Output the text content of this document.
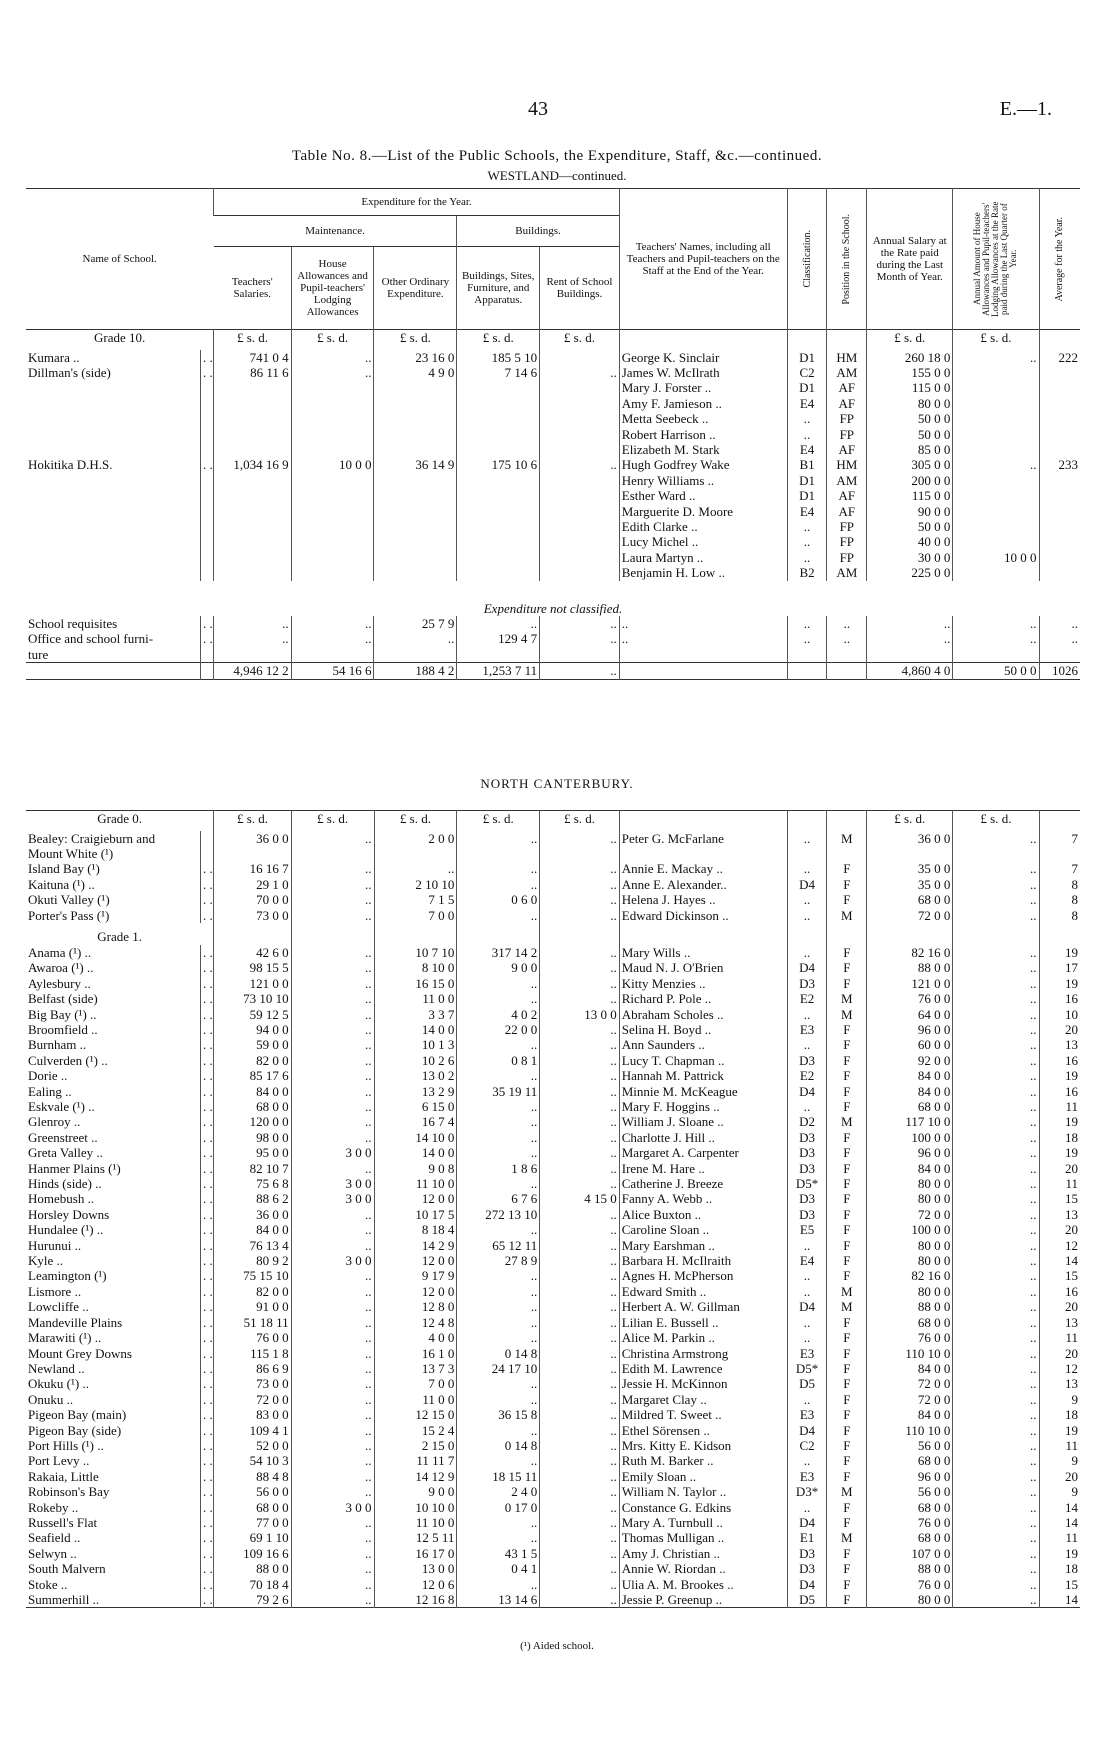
43	E.—1.
Table No. 8.—List of the Public Schools, the Expenditure, Staff, &c.—continued.
WESTLAND—continued.
Name of School.		Expenditure for the Year.					Teachers' Names, including all Teachers and Pupil-teachers on the Staff at the End of the Year.	Classification.	Position in the School.	Annual Salary at the Rate paid during the Last Month of Year.	Annual Amount of House Allowances and Pupil-teachers' Lodging Allowances at the Rate paid during the Last Quarter of Year.	Average for the Year.

		Maintenance.			Buildings.							
		Teachers' Salaries.	House Allowances and Pupil-teachers' Lodging Allowances	Other Ordinary Expenditure.	Buildings, Sites, Furniture, and Apparatus.	Rent of School Buildings.						
Grade 10.		£ s. d.	£ s. d.	£ s. d.	£ s. d.	£ s. d.				£ s. d.	£ s. d.	
Kumara ..	. .	741 0 4	..	23 16 0	185 5 10		George K. Sinclair	D1	HM	260 18 0	..	222
Dillman's (side)	. .	86 11 6	..	4 9 0	7 14 6	..	James W. McIlrath	C2	AM	155 0 0		
							Mary J. Forster ..	D1	AF	115 0 0		
							Amy F. Jamieson ..	E4	AF	80 0 0		
							Metta Seebeck ..	..	FP	50 0 0		
							Robert Harrison ..	..	FP	50 0 0		
							Elizabeth M. Stark	E4	AF	85 0 0		
Hokitika D.H.S.	. .	1,034 16 9	10 0 0	36 14 9	175 10 6	..	Hugh Godfrey Wake	B1	HM	305 0 0	..	233
							Henry Williams ..	D1	AM	200 0 0		
							Esther Ward ..	D1	AF	115 0 0		
							Marguerite D. Moore	E4	AF	90 0 0		
							Edith Clarke ..	..	FP	50 0 0		
							Lucy Michel ..	..	FP	40 0 0		
							Laura Martyn ..	..	FP	30 0 0	10 0 0	
							Benjamin H. Low ..	B2	AM	225 0 0		
Expenditure not classified.												
School requisites	. .	..	..	25 7 9	..	..	..	..	..	..	..	..
Office and school furni-	. .	..	..	..	129 4 7	..	..	..	..	..	..	..
ture												
		4,946 12 2	54 16 6	188 4 2	1,253 7 11	..				4,860 4 0	50 0 0	1026
NORTH CANTERBURY.
Grade 0.		£ s. d.	£ s. d.	£ s. d.	£ s. d.	£ s. d.				£ s. d.	£ s. d.	
Bealey: Craigieburn and		36 0 0	..	2 0 0	..	..	Peter G. McFarlane	..	M	36 0 0	..	7
Mount White (¹)												
Island Bay (¹)	. .	16 16 7	..	..	..	..	Annie E. Mackay ..	..	F	35 0 0	..	7
Kaituna (¹) ..	. .	29 1 0	..	2 10 10	..	..	Anne E. Alexander..	D4	F	35 0 0	..	8
Okuti Valley (¹)	. .	70 0 0	..	7 1 5	0 6 0	..	Helena J. Hayes ..	..	F	68 0 0	..	8
Porter's Pass (¹)	. .	73 0 0	..	7 0 0	..	..	Edward Dickinson ..	..	M	72 0 0	..	8
Grade 1.												
Anama (¹) ..	. .	42 6 0	..	10 7 10	317 14 2	..	Mary Wills ..	..	F	82 16 0	..	19
Awaroa (¹) ..	. .	98 15 5	..	8 10 0	9 0 0	..	Maud N. J. O'Brien	D4	F	88 0 0	..	17
Aylesbury ..	. .	121 0 0	..	16 15 0	..	..	Kitty Menzies ..	D3	F	121 0 0	..	19
Belfast (side)	. .	73 10 10	..	11 0 0	..	..	Richard P. Pole ..	E2	M	76 0 0	..	16
Big Bay (¹) ..	. .	59 12 5	..	3 3 7	4 0 2	13 0 0	Abraham Scholes ..	..	M	64 0 0	..	10
Broomfield ..	. .	94 0 0	..	14 0 0	22 0 0	..	Selina H. Boyd ..	E3	F	96 0 0	..	20
Burnham ..	. .	59 0 0	..	10 1 3	..	..	Ann Saunders ..	..	F	60 0 0	..	13
Culverden (¹) ..	. .	82 0 0	..	10 2 6	0 8 1	..	Lucy T. Chapman ..	D3	F	92 0 0	..	16
Dorie ..	. .	85 17 6	..	13 0 2	..	..	Hannah M. Pattrick	E2	F	84 0 0	..	19
Ealing ..	. .	84 0 0	..	13 2 9	35 19 11	..	Minnie M. McKeague	D4	F	84 0 0	..	16
Eskvale (¹) ..	. .	68 0 0	..	6 15 0	..	..	Mary F. Hoggins ..	..	F	68 0 0	..	11
Glenroy ..	. .	120 0 0	..	16 7 4	..	..	William J. Sloane ..	D2	M	117 10 0	..	19
Greenstreet ..	. .	98 0 0	..	14 10 0	..	..	Charlotte J. Hill ..	D3	F	100 0 0	..	18
Greta Valley ..	. .	95 0 0	3 0 0	14 0 0	..	..	Margaret A. Carpenter	D3	F	96 0 0	..	19
Hanmer Plains (¹)	. .	82 10 7	..	9 0 8	1 8 6	..	Irene M. Hare ..	D3	F	84 0 0	..	20
Hinds (side) ..	. .	75 6 8	3 0 0	11 10 0	..	..	Catherine J. Breeze	D5*	F	80 0 0	..	11
Homebush ..	. .	88 6 2	3 0 0	12 0 0	6 7 6	4 15 0	Fanny A. Webb ..	D3	F	80 0 0	..	15
Horsley Downs	. .	36 0 0	..	10 17 5	272 13 10	..	Alice Buxton ..	D3	F	72 0 0	..	13
Hundalee (¹) ..	. .	84 0 0	..	8 18 4	..	..	Caroline Sloan ..	E5	F	100 0 0	..	20
Hurunui ..	. .	76 13 4	..	14 2 9	65 12 11	..	Mary Earshman ..	..	F	80 0 0	..	12
Kyle ..	. .	80 9 2	3 0 0	12 0 0	27 8 9	..	Barbara H. McIlraith	E4	F	80 0 0	..	14
Leamington (¹)	. .	75 15 10	..	9 17 9	..	..	Agnes H. McPherson	..	F	82 16 0	..	15
Lismore ..	. .	82 0 0	..	12 0 0	..	..	Edward Smith ..	..	M	80 0 0	..	16
Lowcliffe ..	. .	91 0 0	..	12 8 0	..	..	Herbert A. W. Gillman	D4	M	88 0 0	..	20
Mandeville Plains	. .	51 18 11	..	12 4 8	..	..	Lilian E. Bussell ..	..	F	68 0 0	..	13
Marawiti (¹) ..	. .	76 0 0	..	4 0 0	..	..	Alice M. Parkin ..	..	F	76 0 0	..	11
Mount Grey Downs	. .	115 1 8	..	16 1 0	0 14 8	..	Christina Armstrong	E3	F	110 10 0	..	20
Newland ..	. .	86 6 9	..	13 7 3	24 17 10	..	Edith M. Lawrence	D5*	F	84 0 0	..	12
Okuku (¹) ..	. .	73 0 0	..	7 0 0	..	..	Jessie H. McKinnon	D5	F	72 0 0	..	13
Onuku ..	. .	72 0 0	..	11 0 0	..	..	Margaret Clay ..	..	F	72 0 0	..	9
Pigeon Bay (main)	. .	83 0 0	..	12 15 0	36 15 8	..	Mildred T. Sweet ..	E3	F	84 0 0	..	18
Pigeon Bay (side)	. .	109 4 1	..	15 2 4	..	..	Ethel Sörensen ..	D4	F	110 10 0	..	19
Port Hills (¹) ..	. .	52 0 0	..	2 15 0	0 14 8	..	Mrs. Kitty E. Kidson	C2	F	56 0 0	..	11
Port Levy ..	. .	54 10 3	..	11 11 7	..	..	Ruth M. Barker ..	..	F	68 0 0	..	9
Rakaia, Little	. .	88 4 8	..	14 12 9	18 15 11	..	Emily Sloan ..	E3	F	96 0 0	..	20
Robinson's Bay	. .	56 0 0	..	9 0 0	2 4 0	..	William N. Taylor ..	D3*	M	56 0 0	..	9
Rokeby ..	. .	68 0 0	3 0 0	10 10 0	0 17 0	..	Constance G. Edkins	..	F	68 0 0	..	14
Russell's Flat	. .	77 0 0	..	11 10 0	..	..	Mary A. Turnbull ..	D4	F	76 0 0	..	14
Seafield ..	. .	69 1 10	..	12 5 11	..	..	Thomas Mulligan ..	E1	M	68 0 0	..	11
Selwyn ..	. .	109 16 6	..	16 17 0	43 1 5	..	Amy J. Christian ..	D3	F	107 0 0	..	19
South Malvern	. .	88 0 0	..	13 0 0	0 4 1	..	Annie W. Riordan ..	D3	F	88 0 0	..	18
Stoke ..	. .	70 18 4	..	12 0 6	..	..	Ulia A. M. Brookes ..	D4	F	76 0 0	..	15
Summerhill ..	. .	79 2 6	..	12 16 8	13 14 6	..	Jessie P. Greenup ..	D5	F	80 0 0	..	14
(¹) Aided school.
